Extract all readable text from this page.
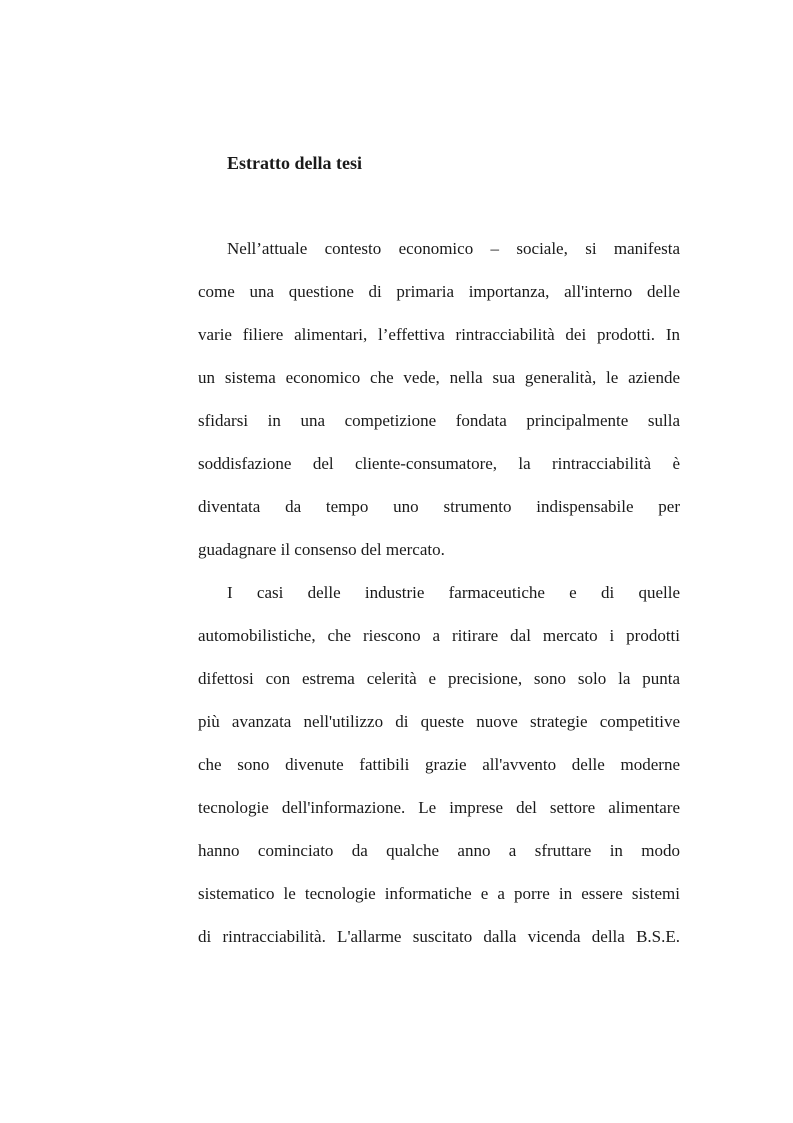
Estratto della tesi
Nell’attuale contesto economico – sociale, si manifesta
come una questione di primaria importanza, all'interno delle
varie filiere alimentari, l’effettiva rintracciabilità dei prodotti. In
un sistema economico che vede, nella sua generalità, le aziende
sfidarsi in una competizione fondata principalmente sulla
soddisfazione del cliente-consumatore, la rintracciabilità è
diventata da tempo uno strumento indispensabile per
guadagnare il consenso del mercato.
I casi delle industrie farmaceutiche e di quelle
automobilistiche, che riescono a ritirare dal mercato i prodotti
difettosi con estrema celerità e precisione, sono solo la punta
più avanzata nell'utilizzo di queste nuove strategie competitive
che sono divenute fattibili grazie all'avvento delle moderne
tecnologie dell'informazione. Le imprese del settore alimentare
hanno cominciato da qualche anno a sfruttare in modo
sistematico le tecnologie informatiche e a porre in essere sistemi
di rintracciabilità. L'allarme suscitato dalla vicenda della B.S.E.
